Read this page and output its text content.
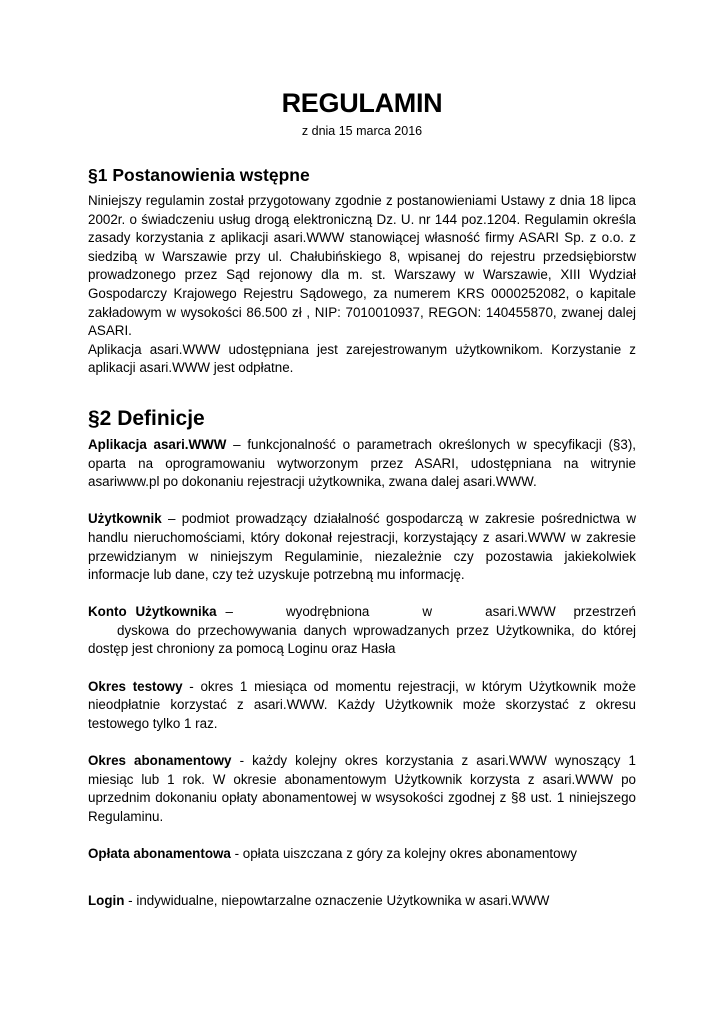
REGULAMIN
z dnia 15 marca 2016
§1 Postanowienia wstępne

Niniejszy regulamin został przygotowany zgodnie z postanowieniami Ustawy z dnia 18 lipca 2002r. o świadczeniu usług drogą elektroniczną Dz. U. nr 144 poz.1204. Regulamin określa zasady korzystania z aplikacji asari.WWW stanowiącej własność firmy ASARI Sp. z o.o. z siedzibą w Warszawie przy ul. Chałubińskiego 8, wpisanej do rejestru przedsiębiorstw prowadzonego przez Sąd rejonowy dla m. st. Warszawy w Warszawie, XIII Wydział Gospodarczy Krajowego Rejestru Sądowego, za numerem KRS 0000252082, o kapitale zakładowym w wysokości 86.500 zł , NIP: 7010010937, REGON: 140455870, zwanej dalej ASARI.

Aplikacja asari.WWW udostępniana jest zarejestrowanym użytkownikom. Korzystanie z aplikacji asari.WWW jest odpłatne.

§2 Definicje

Aplikacja asari.WWW – funkcjonalność o parametrach określonych w specyfikacji (§3), oparta na oprogramowaniu wytworzonym przez ASARI, udostępniana na witrynie asariwww.pl po dokonaniu rejestracji użytkownika, zwana dalej asari.WWW.

Użytkownik – podmiot prowadzący działalność gospodarczą w zakresie pośrednictwa w handlu nieruchomościami, który dokonał rejestracji, korzystający z asari.WWW w zakresie przewidzianym w niniejszym Regulaminie, niezależnie czy pozostawia jakiekolwiek informacje lub dane, czy też uzyskuje potrzebną mu informację.

Konto Użytkownika –      wyodrębniona      w      asari.WWW  przestrzeń

dyskowa do przechowywania danych wprowadzanych przez Użytkownika, do której dostęp jest chroniony za pomocą Loginu oraz Hasła

Okres testowy - okres 1 miesiąca od momentu rejestracji, w którym Użytkownik może nieodpłatnie korzystać z asari.WWW. Każdy Użytkownik może skorzystać z okresu testowego tylko 1 raz.

Okres abonamentowy - każdy kolejny okres korzystania z asari.WWW wynoszący 1 miesiąc lub 1 rok. W okresie abonamentowym Użytkownik korzysta z asari.WWW po uprzednim dokonaniu opłaty abonamentowej w wsysokości zgodnej z §8 ust. 1 niniejszego Regulaminu.

Opłata abonamentowa - opłata uiszczana z góry za kolejny okres abonamentowy

Login - indywidualne, niepowtarzalne oznaczenie Użytkownika w asari.WWW
